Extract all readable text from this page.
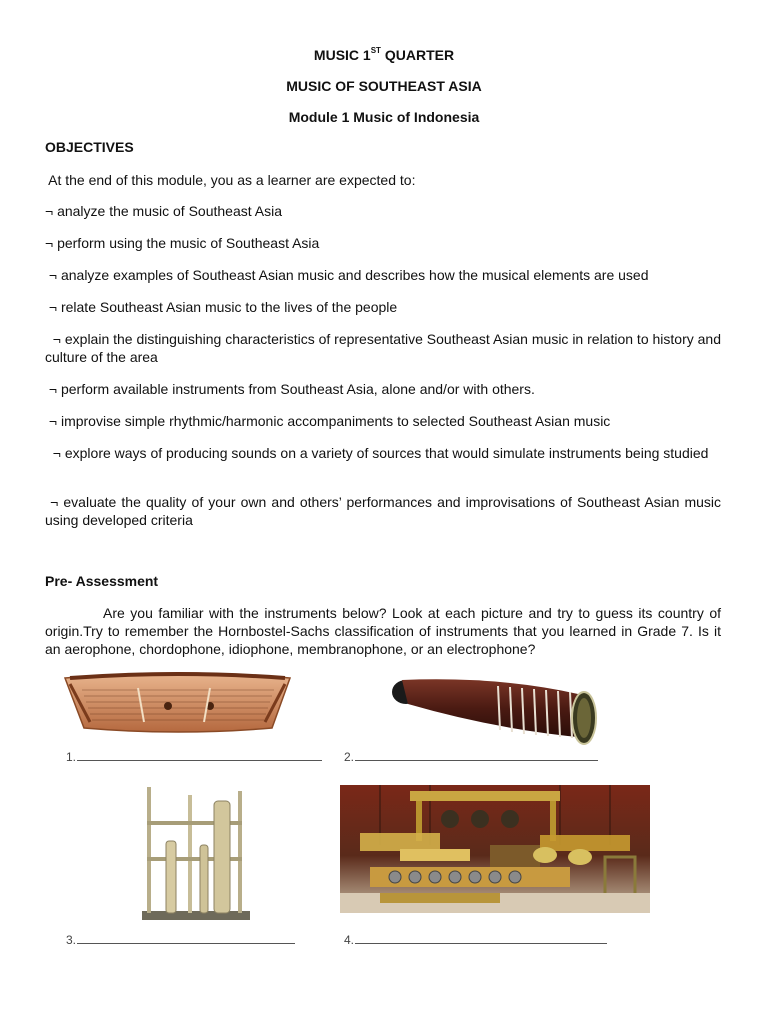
MUSIC 1ST QUARTER
MUSIC OF SOUTHEAST ASIA
Module 1 Music of Indonesia
OBJECTIVES
At the end of this module, you as a learner are expected to:
¬ analyze the music of Southeast Asia
¬ perform using the music of Southeast Asia
¬ analyze examples of Southeast Asian music and describes how the musical elements are used
¬ relate Southeast Asian music to the lives of the people
¬ explain the distinguishing characteristics of representative Southeast Asian music in relation to history and culture of the area
¬ perform available instruments from Southeast Asia, alone and/or with others.
¬ improvise simple rhythmic/harmonic accompaniments to selected Southeast Asian music
¬ explore ways of producing sounds on a variety of sources that would simulate instruments being studied
¬ evaluate the quality of your own and others’ performances and improvisations of Southeast Asian music using developed criteria
Pre- Assessment
Are you familiar with the instruments below? Look at each picture and try to guess its country of origin.Try to remember the Hornbostel-Sachs classification of instruments that you learned in Grade 7. Is it an aerophone, chordophone, idiophone, membranophone, or an electrophone?
1.	2.
3.	4.
